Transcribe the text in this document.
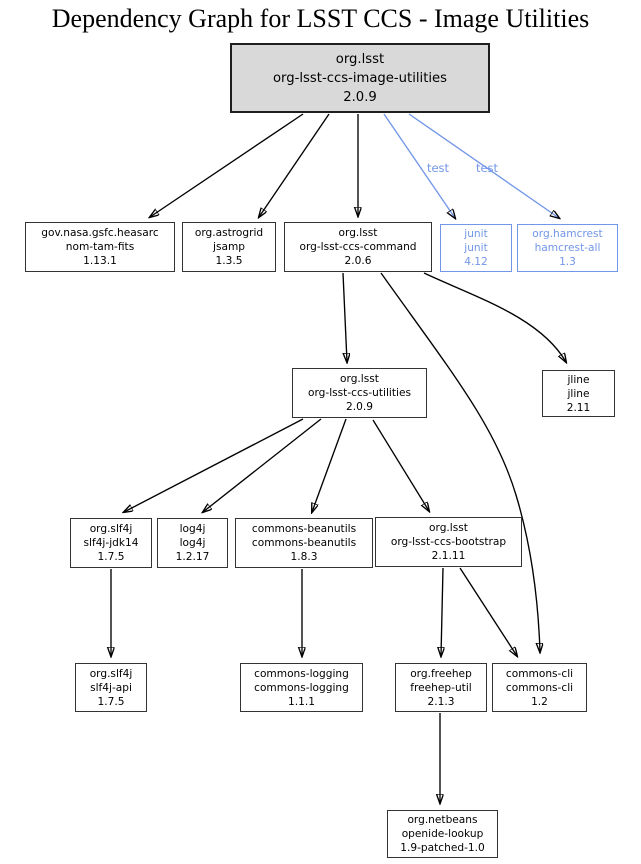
Dependency Graph for LSST CCS - Image Utilities
test test
org.lsst
org-lsst-ccs-image-utilities
2.0.9
gov.nasa.gsfc.heasarc
nom-tam-fits
1.13.1
org.astrogrid
jsamp
1.3.5
org.lsst
org-lsst-ccs-command
2.0.6
junit
junit
4.12
org.hamcrest
hamcrest-all
1.3
org.lsst
org-lsst-ccs-utilities
2.0.9
jline
jline
2.11
org.slf4j
slf4j-jdk14
1.7.5
log4j
log4j
1.2.17
commons-beanutils
commons-beanutils
1.8.3
org.lsst
org-lsst-ccs-bootstrap
2.1.11
org.slf4j
slf4j-api
1.7.5
commons-logging
commons-logging
1.1.1
org.freehep
freehep-util
2.1.3
commons-cli
commons-cli
1.2
org.netbeans
openide-lookup
1.9-patched-1.0
